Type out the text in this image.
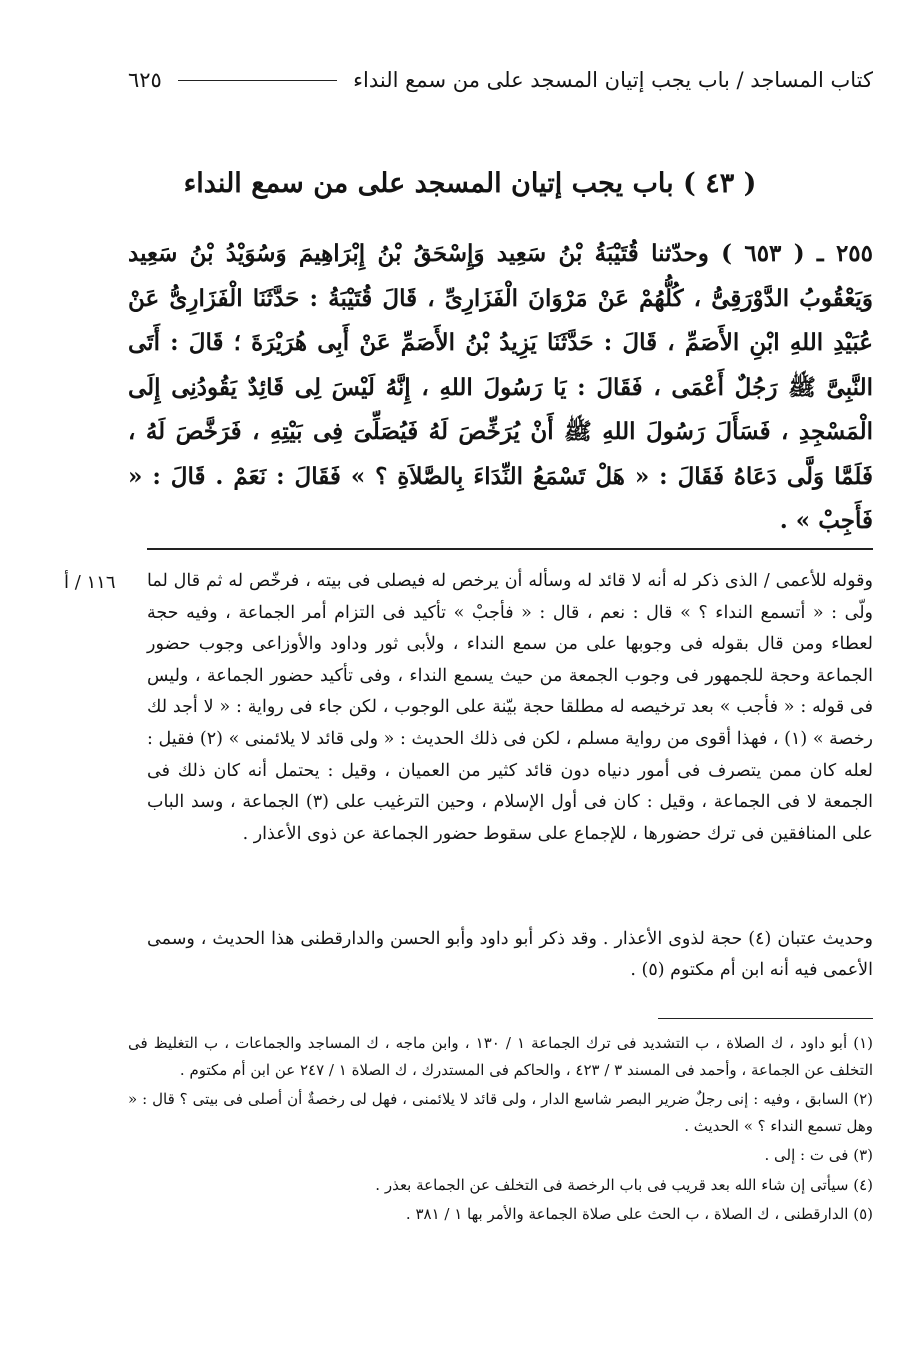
كتاب المساجد / باب يجب إتيان المسجد على من سمع النداء
٦٢٥
( ٤٣ ) باب يجب إتيان المسجد على من سمع النداء

٢٥٥ ـ ( ٦٥٣ ) وحدّثنا قُتَيْبَةُ بْنُ سَعِيد وَإِسْحَقُ بْنُ إِبْرَاهِيمَ وَسُوَيْدُ بْنُ سَعِيد وَيَعْقُوبُ الدَّوْرَقِىُّ ، كُلُّهُمْ عَنْ مَرْوَانَ الْفَزَارِىِّ ، قَالَ قُتَيْبَةُ : حَدَّثَنَا الْفَزَارِىُّ عَنْ عُبَيْدِ اللهِ ابْنِ الأَصَمِّ ، قَالَ : حَدَّثَنَا يَزِيدُ بْنُ الأَصَمِّ عَنْ أَبِى هُرَيْرَةَ ؛ قَالَ : أَتَى النَّبِىَّ ﷺ رَجُلٌ أَعْمَى ، فَقَالَ : يَا رَسُولَ اللهِ ، إِنَّهُ لَيْسَ لِى قَائِدٌ يَقُودُنِى إِلَى الْمَسْجِدِ ، فَسَأَلَ رَسُولَ اللهِ ﷺ أَنْ يُرَخِّصَ لَهُ فَيُصَلِّىَ فِى بَيْتِهِ ، فَرَخَّصَ لَهُ ، فَلَمَّا وَلَّى دَعَاهُ فَقَالَ : « هَلْ تَسْمَعُ النِّدَاءَ بِالصَّلاَةِ ؟ » فَقَالَ : نَعَمْ . قَالَ : « فَأَجِبْ » .

١١٦ / أ وقوله للأعمى / الذى ذكر له أنه لا قائد له وسأله أن يرخص له فيصلى فى بيته ، فرخّص له ثم قال لما ولّى : « أتسمع النداء ؟ » قال : نعم ، قال : « فأجبْ » تأكيد فى التزام أمر الجماعة ، وفيه حجة لعطاء ومن قال بقوله فى وجوبها على من سمع النداء ، ولأبى ثور وداود والأوزاعى وجوب حضور الجماعة وحجة للجمهور فى وجوب الجمعة من حيث يسمع النداء ، وفى تأكيد حضور الجماعة ، وليس فى قوله : « فأجب » بعد ترخيصه له مطلقا حجة بيّنة على الوجوب ، لكن جاء فى رواية : « لا أجد لك رخصة » (١) ، فهذا أقوى من رواية مسلم ، لكن فى ذلك الحديث : « ولى قائد لا يلائمنى » (٢) فقيل : لعله كان ممن يتصرف فى أمور دنياه دون قائد كثير من العميان ، وقيل : يحتمل أنه كان ذلك فى الجمعة لا فى الجماعة ، وقيل : كان فى أول الإسلام ، وحين الترغيب على (٣) الجماعة ، وسد الباب على المنافقين فى ترك حضورها ، للإجماع على سقوط حضور الجماعة عن ذوى الأعذار .

وحديث عتبان (٤) حجة لذوى الأعذار . وقد ذكر أبو داود وأبو الحسن والدارقطنى هذا الحديث ، وسمى الأعمى فيه أنه ابن أم مكتوم (٥) .

(١) أبو داود ، ك الصلاة ، ب التشديد فى ترك الجماعة ١ / ١٣٠ ، وابن ماجه ، ك المساجد والجماعات ، ب التغليظ فى التخلف عن الجماعة ، وأحمد فى المسند ٣ / ٤٢٣ ، والحاكم فى المستدرك ، ك الصلاة ١ / ٢٤٧ عن ابن أم مكتوم .

(٢) السابق ، وفيه : إنى رجلٌ ضرير البصر شاسع الدار ، ولى قائد لا يلائمنى ، فهل لى رخصةٌ أن أصلى فى بيتى ؟ قال : « وهل تسمع النداء ؟ » الحديث .

(٣) فى ت : إلى .

(٤) سيأتى إن شاء الله بعد قريب فى باب الرخصة فى التخلف عن الجماعة بعذر .

(٥) الدارقطنى ، ك الصلاة ، ب الحث على صلاة الجماعة والأمر بها ١ / ٣٨١ .
